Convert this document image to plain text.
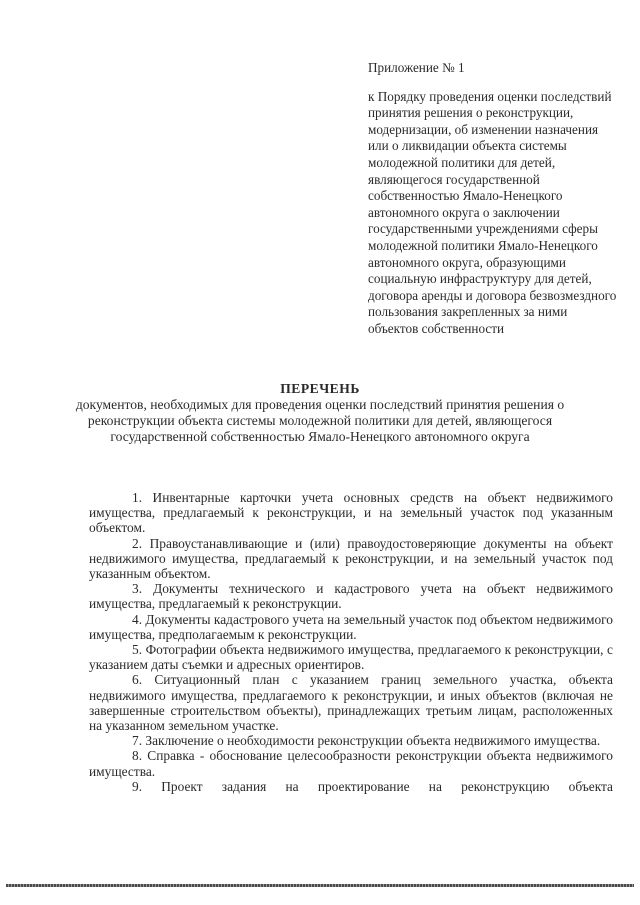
Приложение № 1

к Порядку проведения оценки последствий принятия решения о реконструкции, модернизации, об изменении назначения или о ликвидации объекта системы молодежной политики для детей, являющегося государственной собственностью Ямало-Ненецкого автономного округа о заключении государственными учреждениями сферы молодежной политики Ямало-Ненецкого автономного округа, образующими социальную инфраструктуру для детей, договора аренды и договора безвозмездного пользования закрепленных за ними объектов собственности

ПЕРЕЧЕНЬ

документов, необходимых для проведения оценки последствий принятия решения о реконструкции объекта системы молодежной политики для детей, являющегося государственной собственностью Ямало-Ненецкого автономного округа

1. Инвентарные карточки учета основных средств на объект недвижимого имущества, предлагаемый к реконструкции, и на земельный участок под указанным объектом.

2. Правоустанавливающие и (или) правоудостоверяющие документы на объект недвижимого имущества, предлагаемый к реконструкции, и на земельный участок под указанным объектом.

3. Документы технического и кадастрового учета на объект недвижимого имущества, предлагаемый к реконструкции.

4. Документы кадастрового учета на земельный участок под объектом недвижимого имущества, предполагаемым к реконструкции.

5. Фотографии объекта недвижимого имущества, предлагаемого к реконструкции, с указанием даты съемки и адресных ориентиров.

6. Ситуационный план с указанием границ земельного участка, объекта недвижимого имущества, предлагаемого к реконструкции, и иных объектов (включая не завершенные строительством объекты), принадлежащих третьим лицам, расположенных на указанном земельном участке.

7. Заключение о необходимости реконструкции объекта недвижимого имущества.

8. Справка - обоснование целесообразности реконструкции объекта недвижимого имущества.

9. Проект задания на проектирование на реконструкцию объекта
